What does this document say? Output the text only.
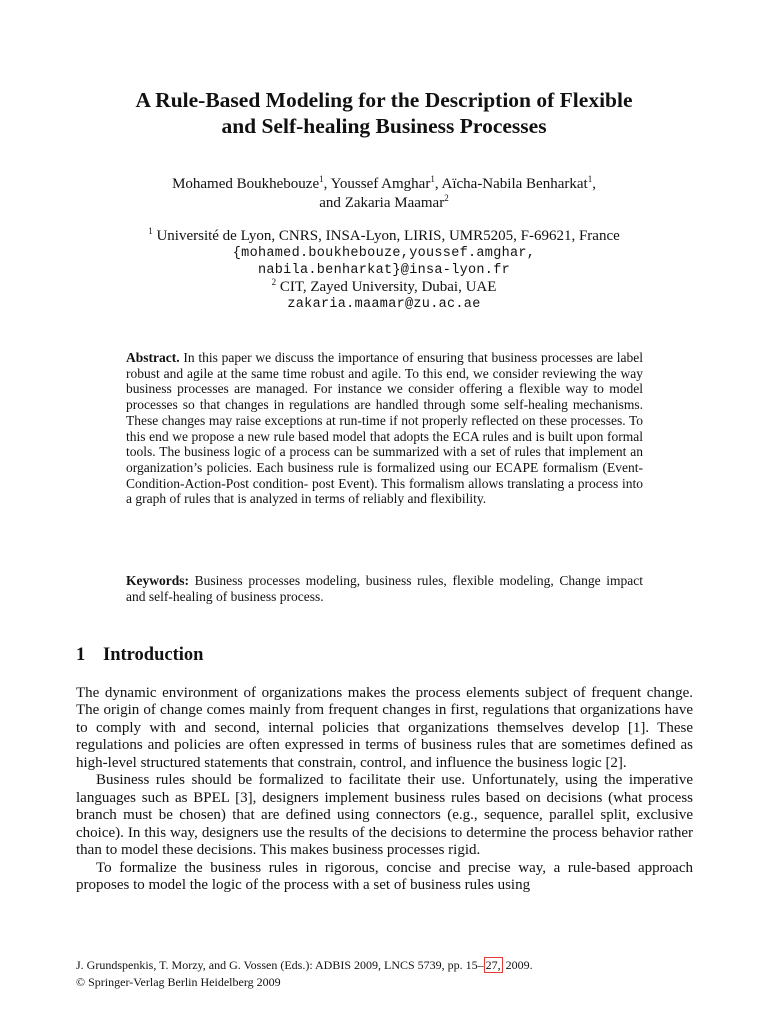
A Rule-Based Modeling for the Description of Flexible
and Self-healing Business Processes
Mohamed Boukhebouze$^1$, Youssef Amghar$^1$, Aïcha-Nabila Benharkat$^1$,
and Zakaria Maamar$^2$
$^1$ Université de Lyon, CNRS, INSA-Lyon, LIRIS, UMR5205, F-69621, France
{mohamed.boukhebouze,youssef.amghar,
nabila.benharkat}@insa-lyon.fr
$^2$ CIT, Zayed University, Dubai, UAE
zakaria.maamar@zu.ac.ae

Abstract. In this paper we discuss the importance of ensuring that business processes are label robust and agile at the same time robust and agile. To this end, we consider reviewing the way business processes are managed. For instance we consider offering a flexible way to model processes so that changes in regulations are handled through some self-healing mechanisms. These changes may raise exceptions at run-time if not properly reflected on these processes. To this end we propose a new rule based model that adopts the ECA rules and is built upon formal tools. The business logic of a process can be summarized with a set of rules that implement an organization’s policies. Each business rule is formalized using our ECAPE formalism (Event-Condition-Action-Post condition- post Event). This formalism allows translating a process into a graph of rules that is analyzed in terms of reliably and flexibility.

Keywords: Business processes modeling, business rules, flexible modeling, Change impact and self-healing of business process.

1 Introduction

The dynamic environment of organizations makes the process elements subject of frequent change. The origin of change comes mainly from frequent changes in first, regulations that organizations have to comply with and second, internal policies that organizations themselves develop [1]. These regulations and policies are often expressed in terms of business rules that are sometimes defined as high-level structured statements that constrain, control, and influence the business logic [2].

Business rules should be formalized to facilitate their use. Unfortunately, using the imperative languages such as BPEL [3], designers implement business rules based on decisions (what process branch must be chosen) that are defined using connectors (e.g., sequence, parallel split, exclusive choice). In this way, designers use the results of the decisions to determine the process behavior rather than to model these decisions. This makes business processes rigid.

To formalize the business rules in rigorous, concise and precise way, a rule-based approach proposes to model the logic of the process with a set of business rules using

J. Grundspenkis, T. Morzy, and G. Vossen (Eds.): ADBIS 2009, LNCS 5739, pp. 15– 27, 2009.
© Springer-Verlag Berlin Heidelberg 2009
